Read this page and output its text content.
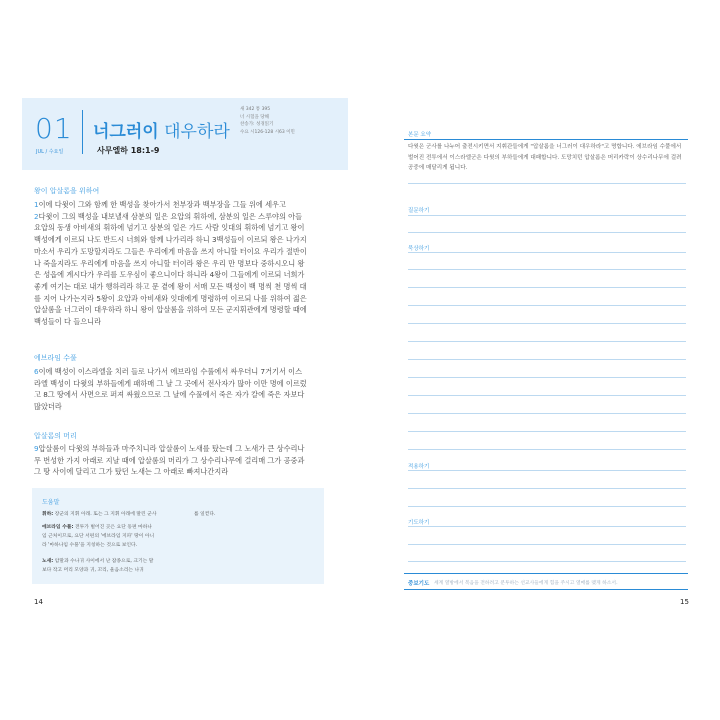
01
JUL / 수요일
너그러이 대우하라
사무엘하 18:1-9
새 342 통 395
너 시험을 당해
찬송가: 성경읽기
수요 시126-128 시63 이민
왕이 압살롬을 위하여
1이에 다윗이 그와 함께 한 백성을 찾아가서 천부장과 백부장을 그들 위에 세우고
2다윗이 그의 백성을 내보낼새 삼분의 일은 요압의 휘하에, 삼분의 일은 스루야의 아들
요압의 동생 아비새의 휘하에 넘기고 삼분의 일은 가드 사람 잇대의 휘하에 넘기고 왕이
백성에게 이르되 나도 반드시 너희와 함께 나가리라 하니 3백성들이 이르되 왕은 나가지
마소서 우리가 도망할지라도 그들은 우리에게 마음을 쓰지 아니할 터이요 우리가 절반이
나 죽을지라도 우리에게 마음을 쓰지 아니할 터이라 왕은 우리 만 명보다 중하시오니 왕
은 성읍에 계시다가 우리를 도우심이 좋으니이다 하니라 4왕이 그들에게 이르되 너희가
좋게 여기는 대로 내가 행하리라 하고 문 곁에 왕이 서매 모든 백성이 백 명씩 천 명씩 대
를 지어 나가는지라 5왕이 요압과 아비새와 잇대에게 명령하여 이르되 나를 위하여 젊은
압살롬을 너그러이 대우하라 하니 왕이 압살롬을 위하여 모든 군지휘관에게 명령할 때에
백성들이 다 들으니라
에브라임 수풀
6이에 백성이 이스라엘을 치러 들로 나가서 에브라임 수풀에서 싸우더니 7거기서 이스
라엘 백성이 다윗의 부하들에게 패하매 그 날 그 곳에서 전사자가 많아 이만 명에 이르렀
고 8그 땅에서 사면으로 퍼져 싸웠으므로 그 날에 수풀에서 죽은 자가 칼에 죽은 자보다
많았더라
압살롬의 머리
9압살롬이 다윗의 부하들과 마주치니라 압살롬이 노새를 탔는데 그 노새가 큰 상수리나
무 번성한 가지 아래로 지날 때에 압살롬의 머리가 그 상수리나무에 걸리매 그가 공중과
그 땅 사이에 달리고 그가 탔던 노새는 그 아래로 빠져나간지라
도움말
휘하: 장군의 지휘 아래. 또는 그 지휘 아래에 딸린 군사	를 일컫다.
에브라임 수풀: 전투가 벌어진 곳은 요단 동편 마하나
임 근처이므로, 요단 서편의 '에브라임 지파' 땅이 아니
라 '마하나임 수풀'을 지칭하는 것으로 보인다.
노새: 암말과 수나귀 사이에서 난 잡종으로, 크기는 말
보다 작고 머리 모양과 귀, 꼬리, 울음소리는 나귀
14
본문 요약
다윗은 군사를 나누어 출전시키면서 지휘관들에게 "압살롬을 너그러이 대우하라"고 명합니다. 에브라임 수풀에서 벌어진 전투에서 이스라엘군은 다윗의 부하들에게 대패합니다. 도망치던 압살롬은 머리카락이 상수리나무에 걸려 공중에 매달리게 됩니다.
질문하기
묵상하기
적용하기
기도하기
중보기도 세계 열방에서 복음을 전하려고 분투하는 선교사들에게 힘을 주시고 열매를 맺게 하소서.
15
